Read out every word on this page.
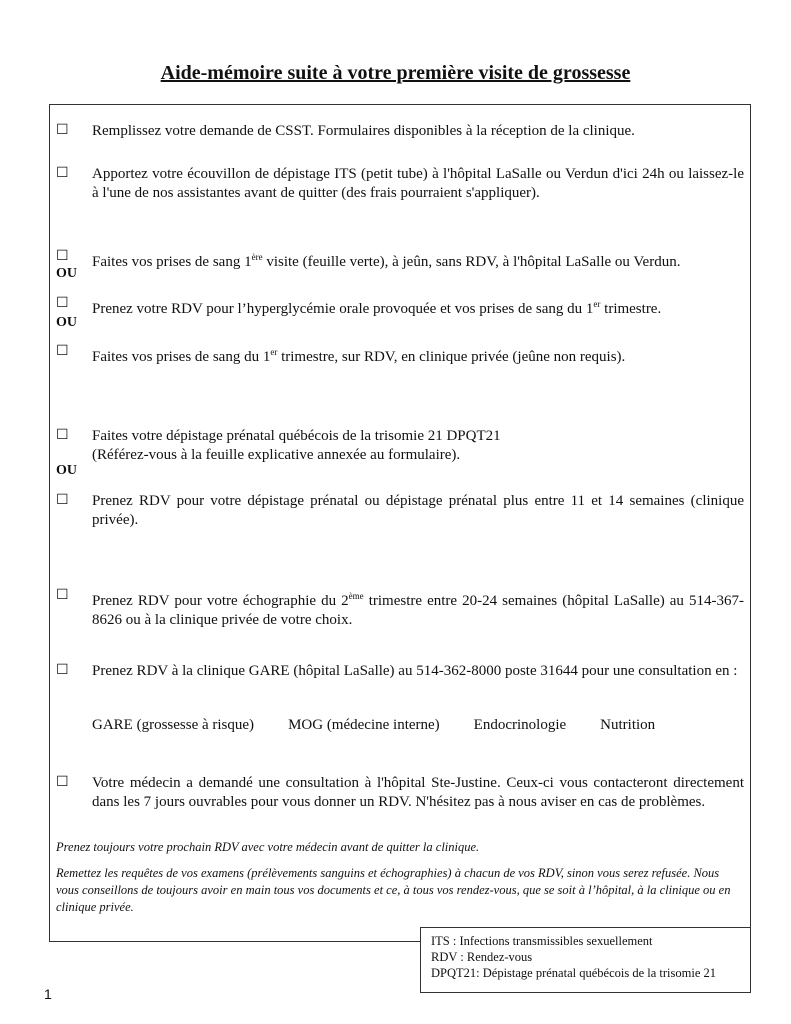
Aide-mémoire suite à votre première visite de grossesse
☐ Remplissez votre demande de CSST. Formulaires disponibles à la réception de la clinique.
☐ Apportez votre écouvillon de dépistage ITS (petit tube) à l'hôpital LaSalle ou Verdun d'ici 24h ou laissez-le à l'une de nos assistantes avant de quitter (des frais pourraient s'appliquer).
☐ Faites vos prises de sang 1ère visite (feuille verte), à jeûn, sans RDV, à l'hôpital LaSalle ou Verdun.
OU
☐ Prenez votre RDV pour l’hyperglycémie orale provoquée et vos prises de sang du 1er trimestre.
OU
☐ Faites vos prises de sang du 1er trimestre, sur RDV, en clinique privée (jeûne non requis).
☐ Faites votre dépistage prénatal québécois de la trisomie 21 DPQT21
(Référez-vous à la feuille explicative annexée au formulaire).
OU
☐ Prenez RDV pour votre dépistage prénatal ou dépistage prénatal plus entre 11 et 14 semaines (clinique privée).
☐ Prenez RDV pour votre échographie du 2ème trimestre entre 20-24 semaines (hôpital LaSalle) au 514-367-8626 ou à la clinique privée de votre choix.
☐ Prenez RDV à la clinique GARE (hôpital LaSalle) au 514-362-8000 poste 31644 pour une consultation en :
GARE (grossesse à risque) MOG (médecine interne) Endocrinologie Nutrition
☐ Votre médecin a demandé une consultation à l'hôpital Ste-Justine. Ceux-ci vous contacteront directement dans les 7 jours ouvrables pour vous donner un RDV. N'hésitez pas à nous aviser en cas de problèmes.
Prenez toujours votre prochain RDV avec votre médecin avant de quitter la clinique.
Remettez les requêtes de vos examens (prélèvements sanguins et échographies) à chacun de vos RDV, sinon vous serez refusée. Nous vous conseillons de toujours avoir en main tous vos documents et ce, à tous vos rendez-vous, que se soit à l’hôpital, à la clinique ou en clinique privée.
ITS : Infections transmissibles sexuellement
RDV : Rendez-vous
DPQT21: Dépistage prénatal québécois de la trisomie 21
1
